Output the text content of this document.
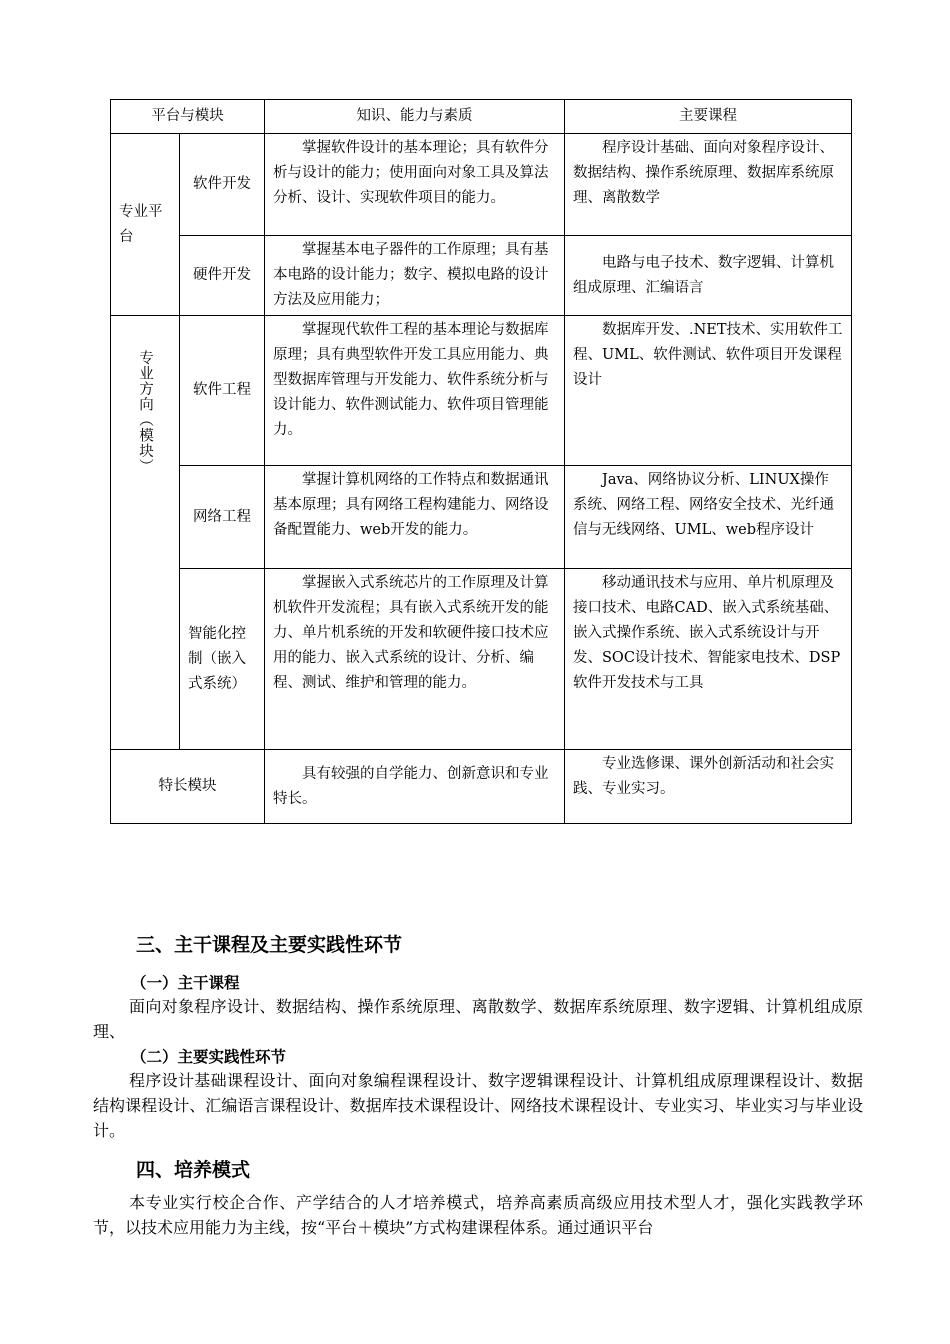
平台与模块		知识、能力与素质	主要课程
专业平台	软件开发	掌握软件设计的基本理论；具有软件分析与设计的能力；使用面向对象工具及算法分析、设计、实现软件项目的能力。	程序设计基础、面向对象程序设计、数据结构、操作系统原理、数据库系统原理、离散数学

	硬件开发	掌握基本电子器件的工作原理；具有基本电路的设计能力；数字、模拟电路的设计方法及应用能力；	电路与电子技术、数字逻辑、计算机组成原理、汇编语言

专业方向（模块）	软件工程	掌握现代软件工程的基本理论与数据库原理；具有典型软件开发工具应用能力、典型数据库管理与开发能力、软件系统分析与设计能力、软件测试能力、软件项目管理能力。	数据库开发、.NET技术、实用软件工程、UML、软件测试、软件项目开发课程设计

	网络工程	掌握计算机网络的工作特点和数据通讯基本原理；具有网络工程构建能力、网络设备配置能力、web开发的能力。	Java、网络协议分析、LINUX操作系统、网络工程、网络安全技术、光纤通信与无线网络、UML、web程序设计

	智能化控制（嵌入式系统）	掌握嵌入式系统芯片的工作原理及计算机软件开发流程；具有嵌入式系统开发的能力、单片机系统的开发和软硬件接口技术应用的能力、嵌入式系统的设计、分析、编程、测试、维护和管理的能力。	移动通讯技术与应用、单片机原理及接口技术、电路CAD、嵌入式系统基础、嵌入式操作系统、嵌入式系统设计与开发、SOC设计技术、智能家电技术、DSP软件开发技术与工具

特长模块		具有较强的自学能力、创新意识和专业特长。	专业选修课、课外创新活动和社会实践、专业实习。
三、主干课程及主要实践性环节
（一）主干课程
面向对象程序设计、数据结构、操作系统原理、离散数学、数据库系统原理、数字逻辑、计算机组成原理、
（二）主要实践性环节
程序设计基础课程设计、面向对象编程课程设计、数字逻辑课程设计、计算机组成原理课程设计、数据结构课程设计、汇编语言课程设计、数据库技术课程设计、网络技术课程设计、专业实习、毕业实习与毕业设计。
四、培养模式
本专业实行校企合作、产学结合的人才培养模式，培养高素质高级应用技术型人才，强化实践教学环节，以技术应用能力为主线，按“平台＋模块”方式构建课程体系。通过通识平台
